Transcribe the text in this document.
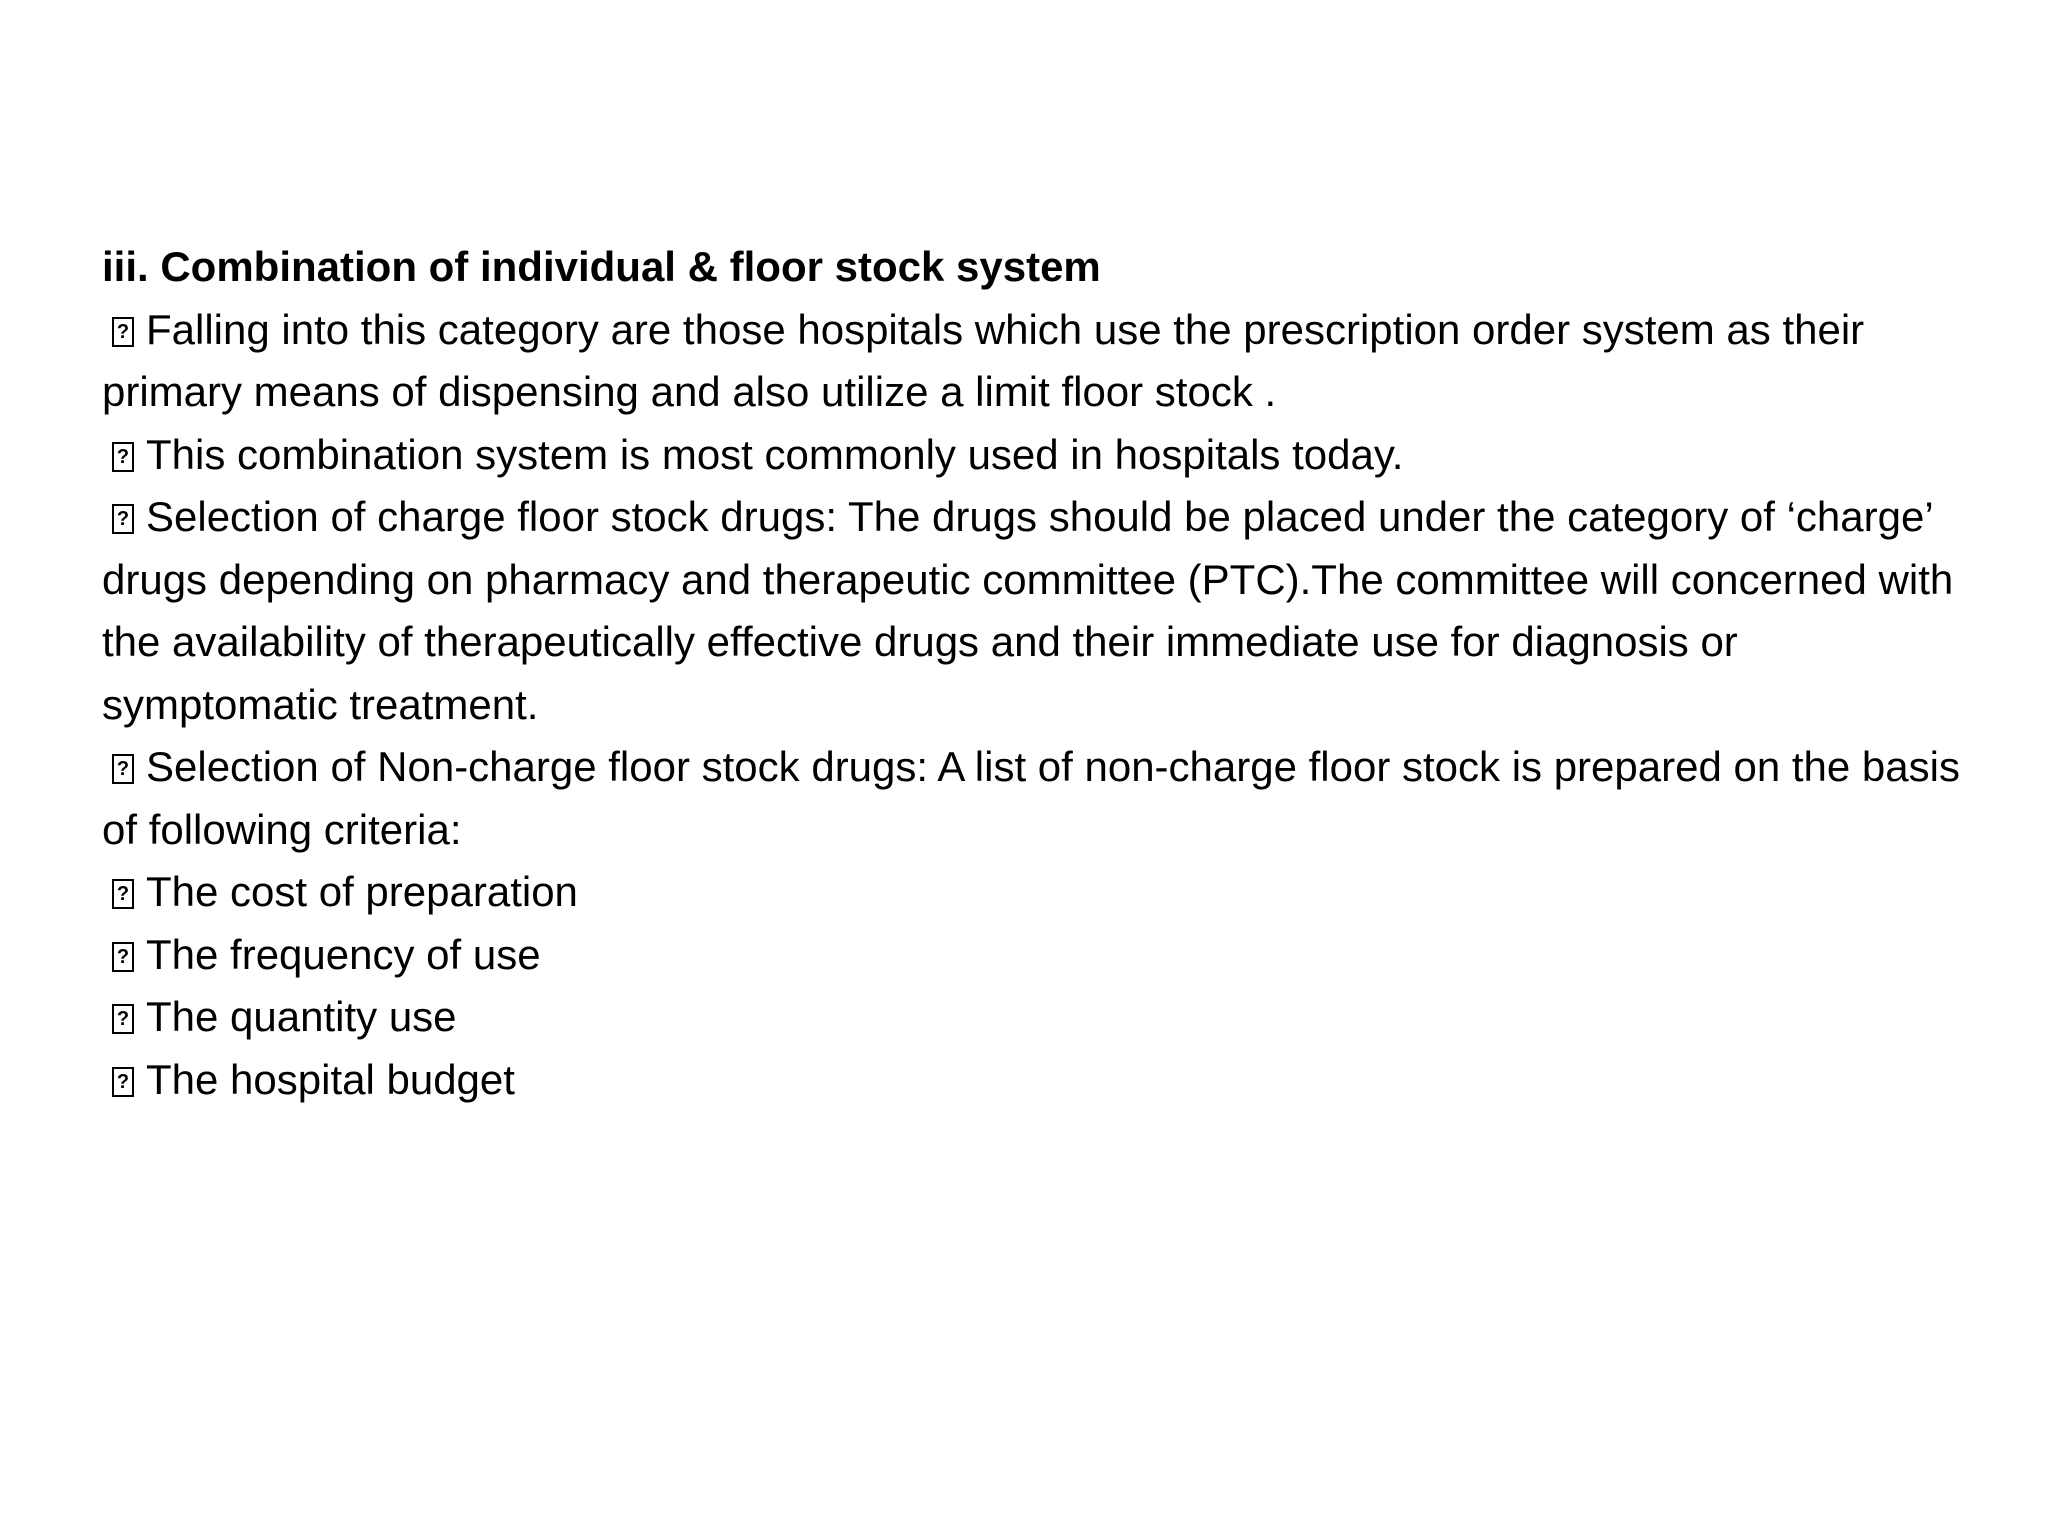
iii. Combination of individual & floor stock system

?Falling into this category are those hospitals which use the prescription order system as their primary means of dispensing and also utilize a limit floor stock .

?This combination system is most commonly used in hospitals today.

?Selection of charge floor stock drugs: The drugs should be placed under the category of ‘charge’ drugs depending on pharmacy and therapeutic committee (PTC).The committee will concerned with the availability of therapeutically effective drugs and their immediate use for diagnosis or symptomatic treatment.

?Selection of Non-charge floor stock drugs: A list of non-charge floor stock is prepared on the basis of following criteria:

?The cost of preparation

?The frequency of use

?The quantity use

?The hospital budget
